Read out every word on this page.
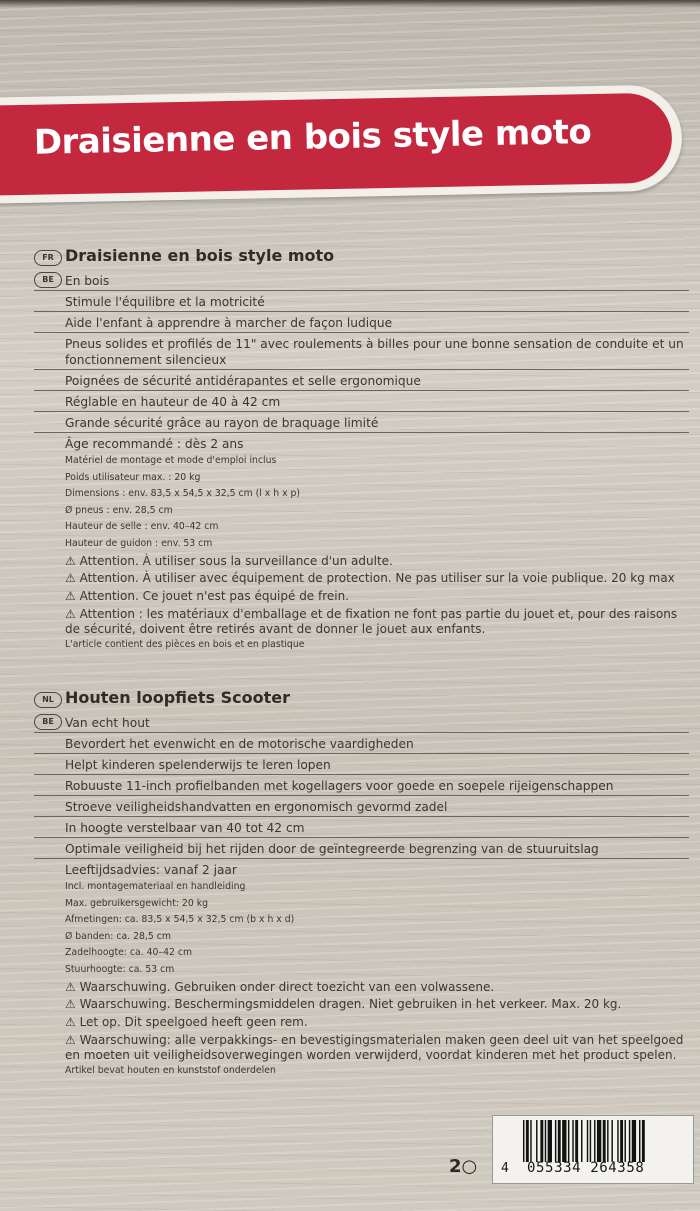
Draisienne en bois style moto
FR Draisienne en bois style moto
BE En bois

Stimule l'équilibre et la motricité

Aide l'enfant à apprendre à marcher de façon ludique

Pneus solides et profilés de 11" avec roulements à billes pour une bonne sensation de conduite et un fonctionnement silencieux

Poignées de sécurité antidérapantes et selle ergonomique

Réglable en hauteur de 40 à 42 cm

Grande sécurité grâce au rayon de braquage limité

Âge recommandé : dès 2 ans

Matériel de montage et mode d'emploi inclus

Poids utilisateur max. : 20 kg

Dimensions : env. 83,5 x 54,5 x 32,5 cm (l x h x p)

Ø pneus : env. 28,5 cm

Hauteur de selle : env. 40–42 cm

Hauteur de guidon : env. 53 cm

⚠ Attention. À utiliser sous la surveillance d'un adulte.

⚠ Attention. À utiliser avec équipement de protection. Ne pas utiliser sur la voie publique. 20 kg max

⚠ Attention. Ce jouet n'est pas équipé de frein.

⚠ Attention : les matériaux d'emballage et de fixation ne font pas partie du jouet et, pour des raisons de sécurité, doivent être retirés avant de donner le jouet aux enfants.

L'article contient des pièces en bois et en plastique

NL Houten loopfiets Scooter
BE Van echt hout

Bevordert het evenwicht en de motorische vaardigheden

Helpt kinderen spelenderwijs te leren lopen

Robuuste 11-inch profielbanden met kogellagers voor goede en soepele rijeigenschappen

Stroeve veiligheidshandvatten en ergonomisch gevormd zadel

In hoogte verstelbaar van 40 tot 42 cm

Optimale veiligheid bij het rijden door de geïntegreerde begrenzing van de stuuruitslag

Leeftijdsadvies: vanaf 2 jaar

Incl. montagemateriaal en handleiding

Max. gebruikersgewicht: 20 kg

Afmetingen: ca. 83,5 x 54,5 x 32,5 cm (b x h x d)

Ø banden: ca. 28,5 cm

Zadelhoogte: ca. 40–42 cm

Stuurhoogte: ca. 53 cm

⚠ Waarschuwing. Gebruiken onder direct toezicht van een volwassene.

⚠ Waarschuwing. Beschermingsmiddelen dragen. Niet gebruiken in het verkeer. Max. 20 kg.

⚠ Let op. Dit speelgoed heeft geen rem.

⚠ Waarschuwing: alle verpakkings- en bevestigingsmaterialen maken geen deel uit van het speelgoed en moeten uit veiligheidsoverwegingen worden verwijderd, voordat kinderen met het product spelen.

Artikel bevat houten en kunststof onderdelen

2○ 4 055334 264358
